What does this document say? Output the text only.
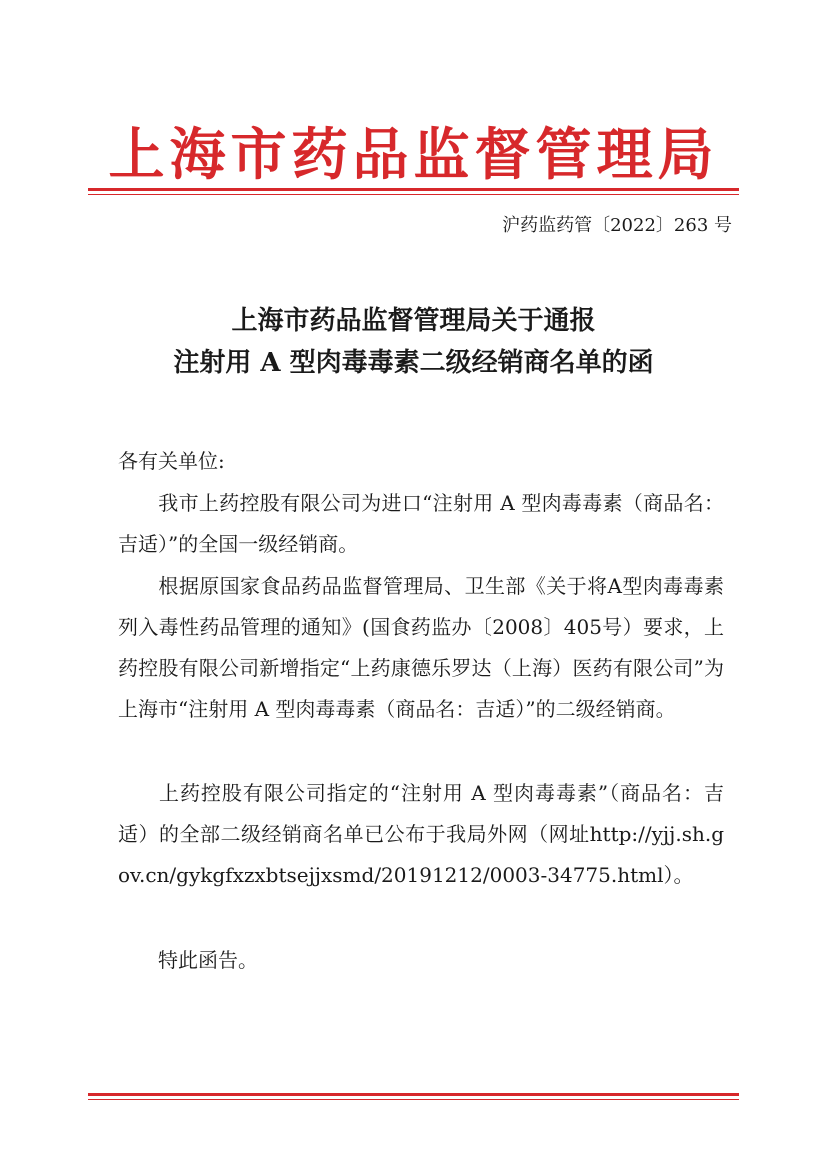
上海市药品监督管理局
沪药监药管〔2022〕263 号
上海市药品监督管理局关于通报
注射用 A 型肉毒毒素二级经销商名单的函
各有关单位:
我市上药控股有限公司为进口“注射用 A 型肉毒毒素（商品名：吉适）”的全国一级经销商。
根据原国家食品药品监督管理局、卫生部《关于将A型肉毒毒素列入毒性药品管理的通知》(国食药监办〔2008〕405号）要求，上药控股有限公司新增指定“上药康德乐罗达（上海）医药有限公司”为上海市“注射用 A 型肉毒毒素（商品名：吉适）”的二级经销商。
上药控股有限公司指定的“注射用 A 型肉毒毒素”（商品名：吉适）的全部二级经销商名单已公布于我局外网（网址http://yjj.sh.gov.cn/gykgfxzxbtsejjxsmd/20191212/0003-34775.html）。
特此函告。
